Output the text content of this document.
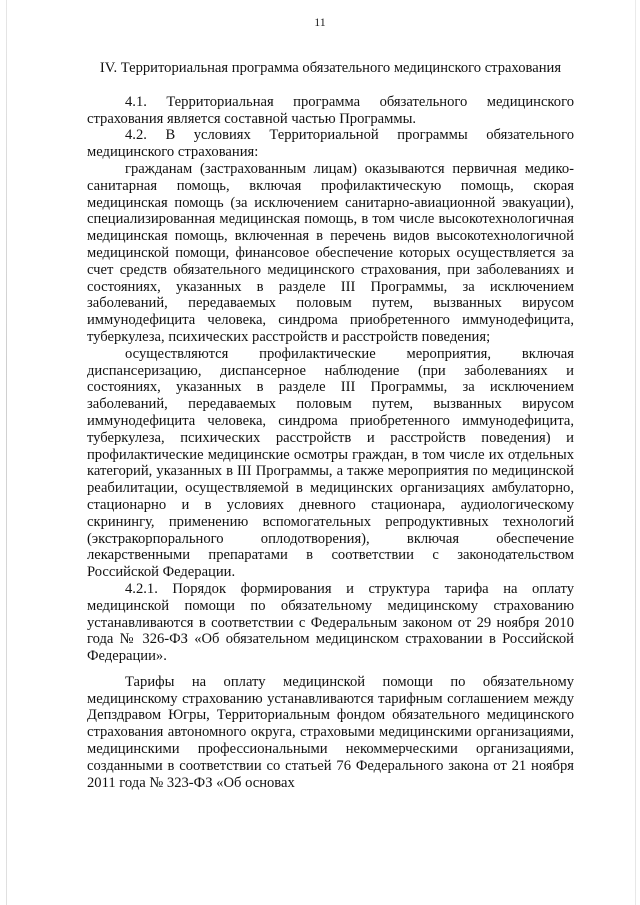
11

IV. Территориальная программа обязательного медицинского страхования

4.1. Территориальная программа обязательного медицинского страхования является составной частью Программы.

4.2. В условиях Территориальной программы обязательного медицинского страхования:

гражданам (застрахованным лицам) оказываются первичная медико-санитарная помощь, включая профилактическую помощь, скорая медицинская помощь (за исключением санитарно-авиационной эвакуации), специализированная медицинская помощь, в том числе высокотехнологичная медицинская помощь, включенная в перечень видов высокотехнологичной медицинской помощи, финансовое обеспечение которых осуществляется за счет средств обязательного медицинского страхования, при заболеваниях и состояниях, указанных в разделе III Программы, за исключением заболеваний, передаваемых половым путем, вызванных вирусом иммунодефицита человека, синдрома приобретенного иммунодефицита, туберкулеза, психических расстройств и расстройств поведения;

осуществляются профилактические мероприятия, включая диспансеризацию, диспансерное наблюдение (при заболеваниях и состояниях, указанных в разделе III Программы, за исключением заболеваний, передаваемых половым путем, вызванных вирусом иммунодефицита человека, синдрома приобретенного иммунодефицита, туберкулеза, психических расстройств и расстройств поведения) и профилактические медицинские осмотры граждан, в том числе их отдельных категорий, указанных в III Программы, а также мероприятия по медицинской реабилитации, осуществляемой в медицинских организациях амбулаторно, стационарно и в условиях дневного стационара, аудиологическому скринингу, применению вспомогательных репродуктивных технологий (экстракорпорального оплодотворения), включая обеспечение лекарственными препаратами в соответствии с законодательством Российской Федерации.

4.2.1. Порядок формирования и структура тарифа на оплату медицинской помощи по обязательному медицинскому страхованию устанавливаются в соответствии с Федеральным законом от 29 ноября 2010 года № 326-ФЗ «Об обязательном медицинском страховании в Российской Федерации».

Тарифы на оплату медицинской помощи по обязательному медицинскому страхованию устанавливаются тарифным соглашением между Депздравом Югры, Территориальным фондом обязательного медицинского страхования автономного округа, страховыми медицинскими организациями, медицинскими профессиональными некоммерческими организациями, созданными в соответствии со статьей 76 Федерального закона от 21 ноября 2011 года № 323-ФЗ «Об основах
